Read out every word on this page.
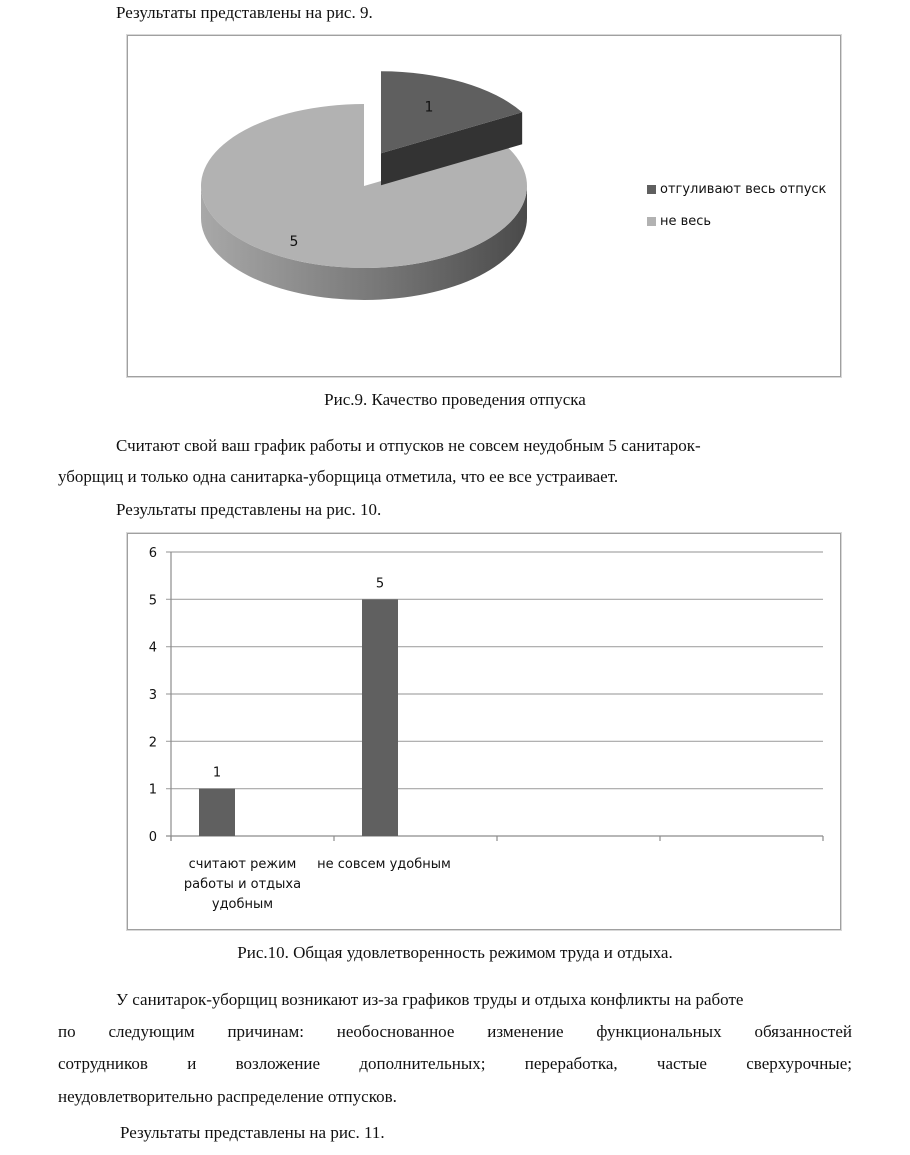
Результаты представлены на рис. 9.
5
1
отгуливают весь отпуск
не весь
Рис.9. Качество проведения отпуска
Считают свой ваш график работы и отпусков не совсем неудобным 5 санитарок-
уборщиц и только одна санитарка-уборщица отметила, что ее все устраивает.
Результаты представлены на рис. 10.
0
1
2
3
4
5
6
1
5
считают режим
работы и отдыха
удобным
не совсем удобным
Рис.10. Общая удовлетворенность режимом труда и отдыха.
У санитарок-уборщиц возникают из-за графиков труды и отдыха конфликты на работе
по следующим причинам: необоснованное изменение функциональных обязанностей
сотрудников и возложение дополнительных; переработка, частые сверхурочные;
неудовлетворительно распределение отпусков.
Результаты представлены на рис. 11.
